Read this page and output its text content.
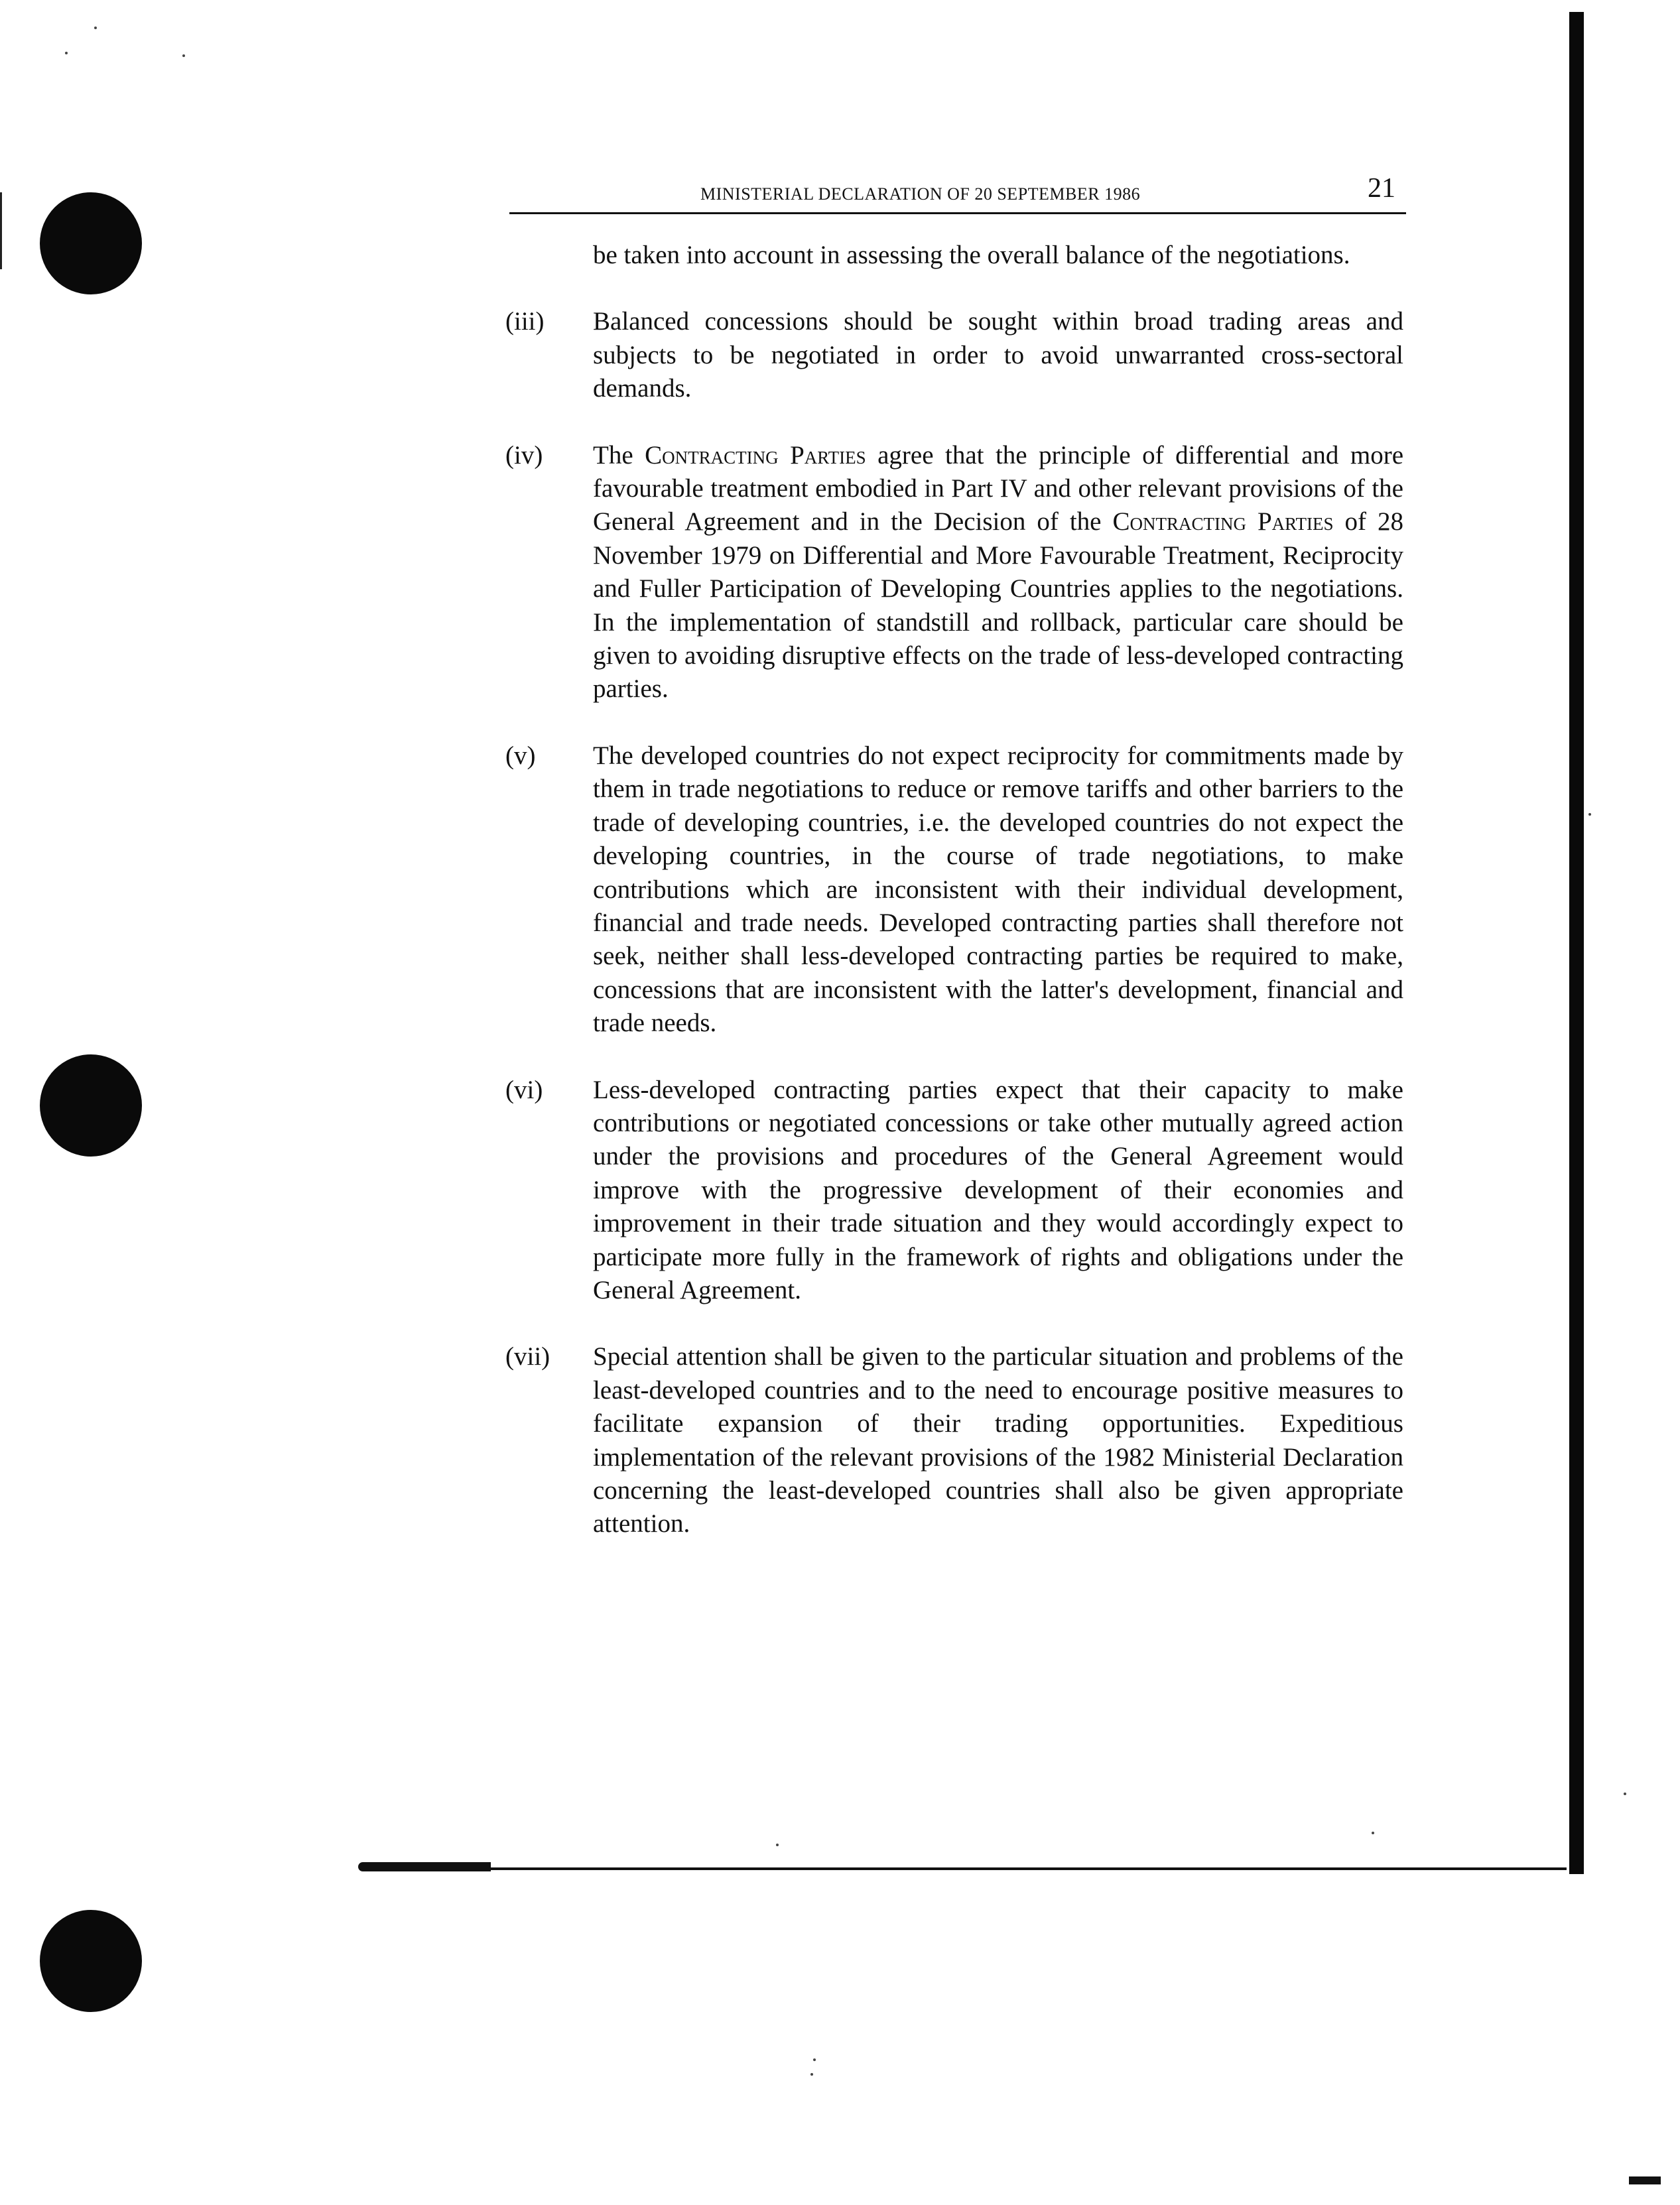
MINISTERIAL DECLARATION OF 20 SEPTEMBER 1986	21
be taken into account in assessing the overall balance of the negotiations.
(iii)	Balanced concessions should be sought within broad trading areas and subjects to be negotiated in order to avoid unwarranted cross-sectoral demands.
(iv)	The Contracting Parties agree that the principle of differential and more favourable treatment embodied in Part IV and other relevant provisions of the General Agreement and in the Decision of the Contracting Parties of 28 November 1979 on Differential and More Favourable Treatment, Reciprocity and Fuller Participation of Developing Countries applies to the negotiations. In the implementation of standstill and rollback, particular care should be given to avoiding disruptive effects on the trade of less-developed contracting parties.
(v)	The developed countries do not expect reciprocity for commitments made by them in trade negotiations to reduce or remove tariffs and other barriers to the trade of developing countries, i.e. the developed countries do not expect the developing countries, in the course of trade negotiations, to make contributions which are inconsistent with their individual development, financial and trade needs. Developed contracting parties shall therefore not seek, neither shall less-developed contracting parties be required to make, concessions that are inconsistent with the latter's development, financial and trade needs.
(vi)	Less-developed contracting parties expect that their capacity to make contributions or negotiated concessions or take other mutually agreed action under the provisions and procedures of the General Agreement would improve with the progressive development of their economies and improvement in their trade situation and they would accordingly expect to participate more fully in the framework of rights and obligations under the General Agreement.
(vii)	Special attention shall be given to the particular situation and problems of the least-developed countries and to the need to encourage positive measures to facilitate expansion of their trading opportunities. Expeditious implementation of the relevant provisions of the 1982 Ministerial Declaration concerning the least-developed countries shall also be given appropriate attention.
